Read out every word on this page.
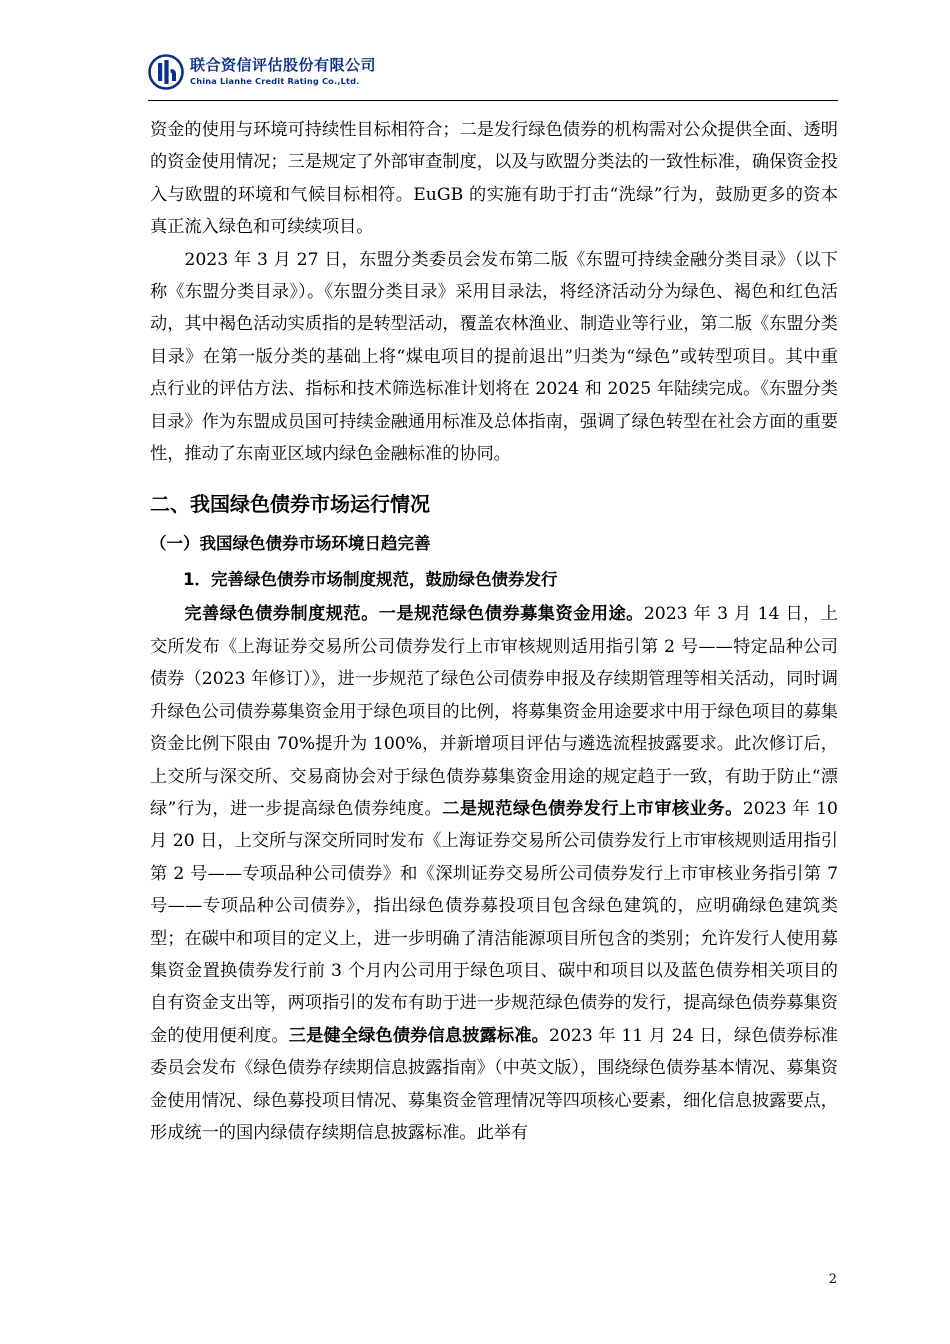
联合资信评估股份有限公司
China Lianhe Credit Rating Co.,Ltd.

资金的使用与环境可持续性目标相符合；二是发行绿色债券的机构需对公众提供全面、透明的资金使用情况；三是规定了外部审查制度，以及与欧盟分类法的一致性标准，确保资金投入与欧盟的环境和气候目标相符。EuGB 的实施有助于打击“洗绿”行为，鼓励更多的资本真正流入绿色和可续续项目。

2023 年 3 月 27 日，东盟分类委员会发布第二版《东盟可持续金融分类目录》（以下称《东盟分类目录》）。《东盟分类目录》采用目录法，将经济活动分为绿色、褐色和红色活动，其中褐色活动实质指的是转型活动，覆盖农林渔业、制造业等行业，第二版《东盟分类目录》在第一版分类的基础上将“煤电项目的提前退出”归类为“绿色”或转型项目。其中重点行业的评估方法、指标和技术筛选标准计划将在 2024 和 2025 年陆续完成。《东盟分类目录》作为东盟成员国可持续金融通用标准及总体指南，强调了绿色转型在社会方面的重要性，推动了东南亚区域内绿色金融标准的协同。

二、我国绿色债券市场运行情况

（一）我国绿色债券市场环境日趋完善

1．完善绿色债券市场制度规范，鼓励绿色债券发行

完善绿色债券制度规范。一是规范绿色债券募集资金用途。2023 年 3 月 14 日，上交所发布《上海证券交易所公司债券发行上市审核规则适用指引第 2 号——特定品种公司债券（2023 年修订）》，进一步规范了绿色公司债券申报及存续期管理等相关活动，同时调升绿色公司债券募集资金用于绿色项目的比例，将募集资金用途要求中用于绿色项目的募集资金比例下限由 70%提升为 100%，并新增项目评估与遴选流程披露要求。此次修订后，上交所与深交所、交易商协会对于绿色债券募集资金用途的规定趋于一致，有助于防止“漂绿”行为，进一步提高绿色债券纯度。二是规范绿色债券发行上市审核业务。2023 年 10 月 20 日，上交所与深交所同时发布《上海证券交易所公司债券发行上市审核规则适用指引第 2 号——专项品种公司债券》和《深圳证券交易所公司债券发行上市审核业务指引第 7 号——专项品种公司债券》，指出绿色债券募投项目包含绿色建筑的，应明确绿色建筑类型；在碳中和项目的定义上，进一步明确了清洁能源项目所包含的类别；允许发行人使用募集资金置换债券发行前 3 个月内公司用于绿色项目、碳中和项目以及蓝色债券相关项目的自有资金支出等，两项指引的发布有助于进一步规范绿色债券的发行，提高绿色债券募集资金的使用便利度。三是健全绿色债券信息披露标准。2023 年 11 月 24 日，绿色债券标准委员会发布《绿色债券存续期信息披露指南》（中英文版），围绕绿色债券基本情况、募集资金使用情况、绿色募投项目情况、募集资金管理情况等四项核心要素，细化信息披露要点，形成统一的国内绿债存续期信息披露标准。此举有

2
